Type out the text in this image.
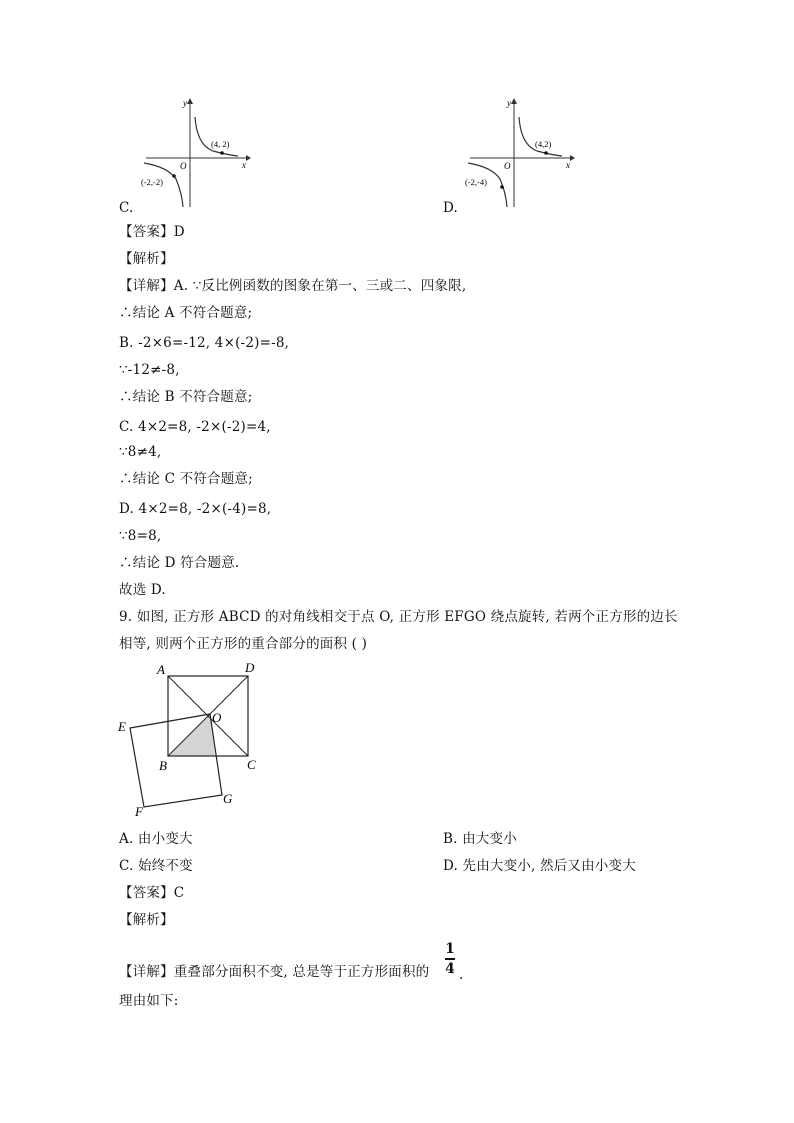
y
x
O
(4, 2)
(-2,-2)
C.
y
x
O
(4,2)
(-2,-4)
D.
【答案】D
【解析】
【详解】A. ∵反比例函数的图象在第一、三或二、四象限,
∴结论 A 不符合题意;
B. -2×6=-12, 4×(-2)=-8,
∵-12≠-8,
∴结论 B 不符合题意;
C. 4×2=8, -2×(-2)=4,
∵8≠4,
∴结论 C 不符合题意;
D. 4×2=8, -2×(-4)=8,
∵8=8,
∴结论 D 符合题意.
故选 D.
9. 如图, 正方形 ABCD 的对角线相交于点 O, 正方形 EFGO 绕点旋转, 若两个正方形的边长
相等, 则两个正方形的重合部分的面积 ( )
A	D
O
E
B	C
G
F
A. 由小变大	B. 由大变小
C. 始终不变	D. 先由大变小, 然后又由小变大
【答案】C
【解析】
【详解】重叠部分面积不变, 总是等于正方形面积的
1
4 .
理由如下:
